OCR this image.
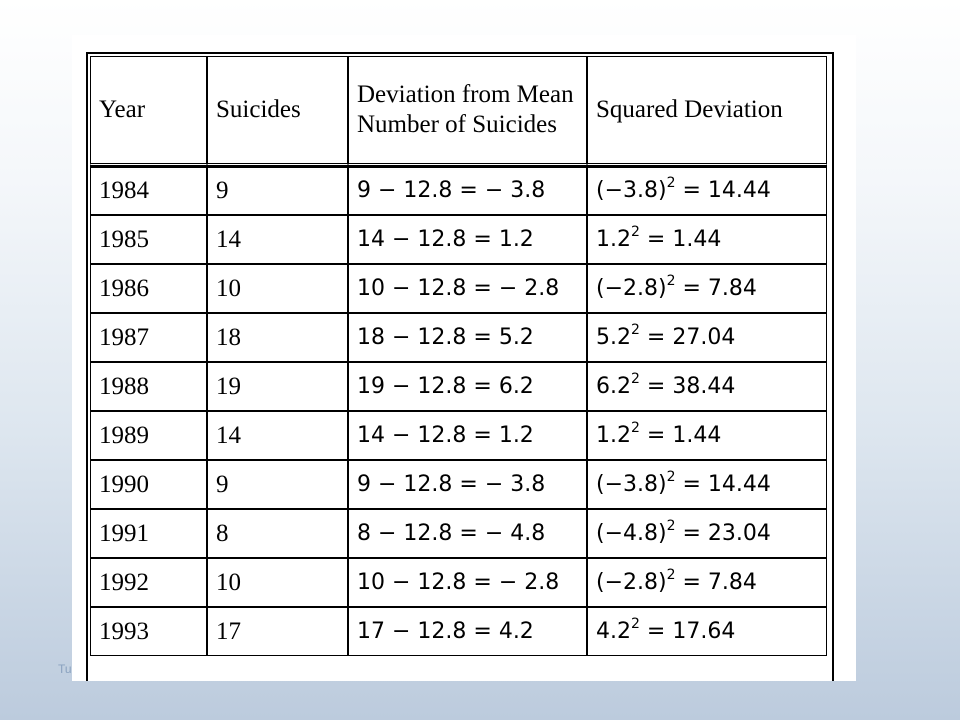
Tu
Year	Suicides	Deviation from Mean Number of Suicides	Squared Deviation
1984	9	9 − 12.8 = − 3.8	$(-3.8)^2 = 14.44$
1985	14	14 − 12.8 = 1.2	$1.2^2 = 1.44$
1986	10	10 − 12.8 = − 2.8	$(-2.8)^2 = 7.84$
1987	18	18 − 12.8 = 5.2	$5.2^2 = 27.04$
1988	19	19 − 12.8 = 6.2	$6.2^2 = 38.44$
1989	14	14 − 12.8 = 1.2	$1.2^2 = 1.44$
1990	9	9 − 12.8 = − 3.8	$(-3.8)^2 = 14.44$
1991	8	8 − 12.8 = − 4.8	$(-4.8)^2 = 23.04$
1992	10	10 − 12.8 = − 2.8	$(-2.8)^2 = 7.84$
1993	17	17 − 12.8 = 4.2	$4.2^2 = 17.64$
